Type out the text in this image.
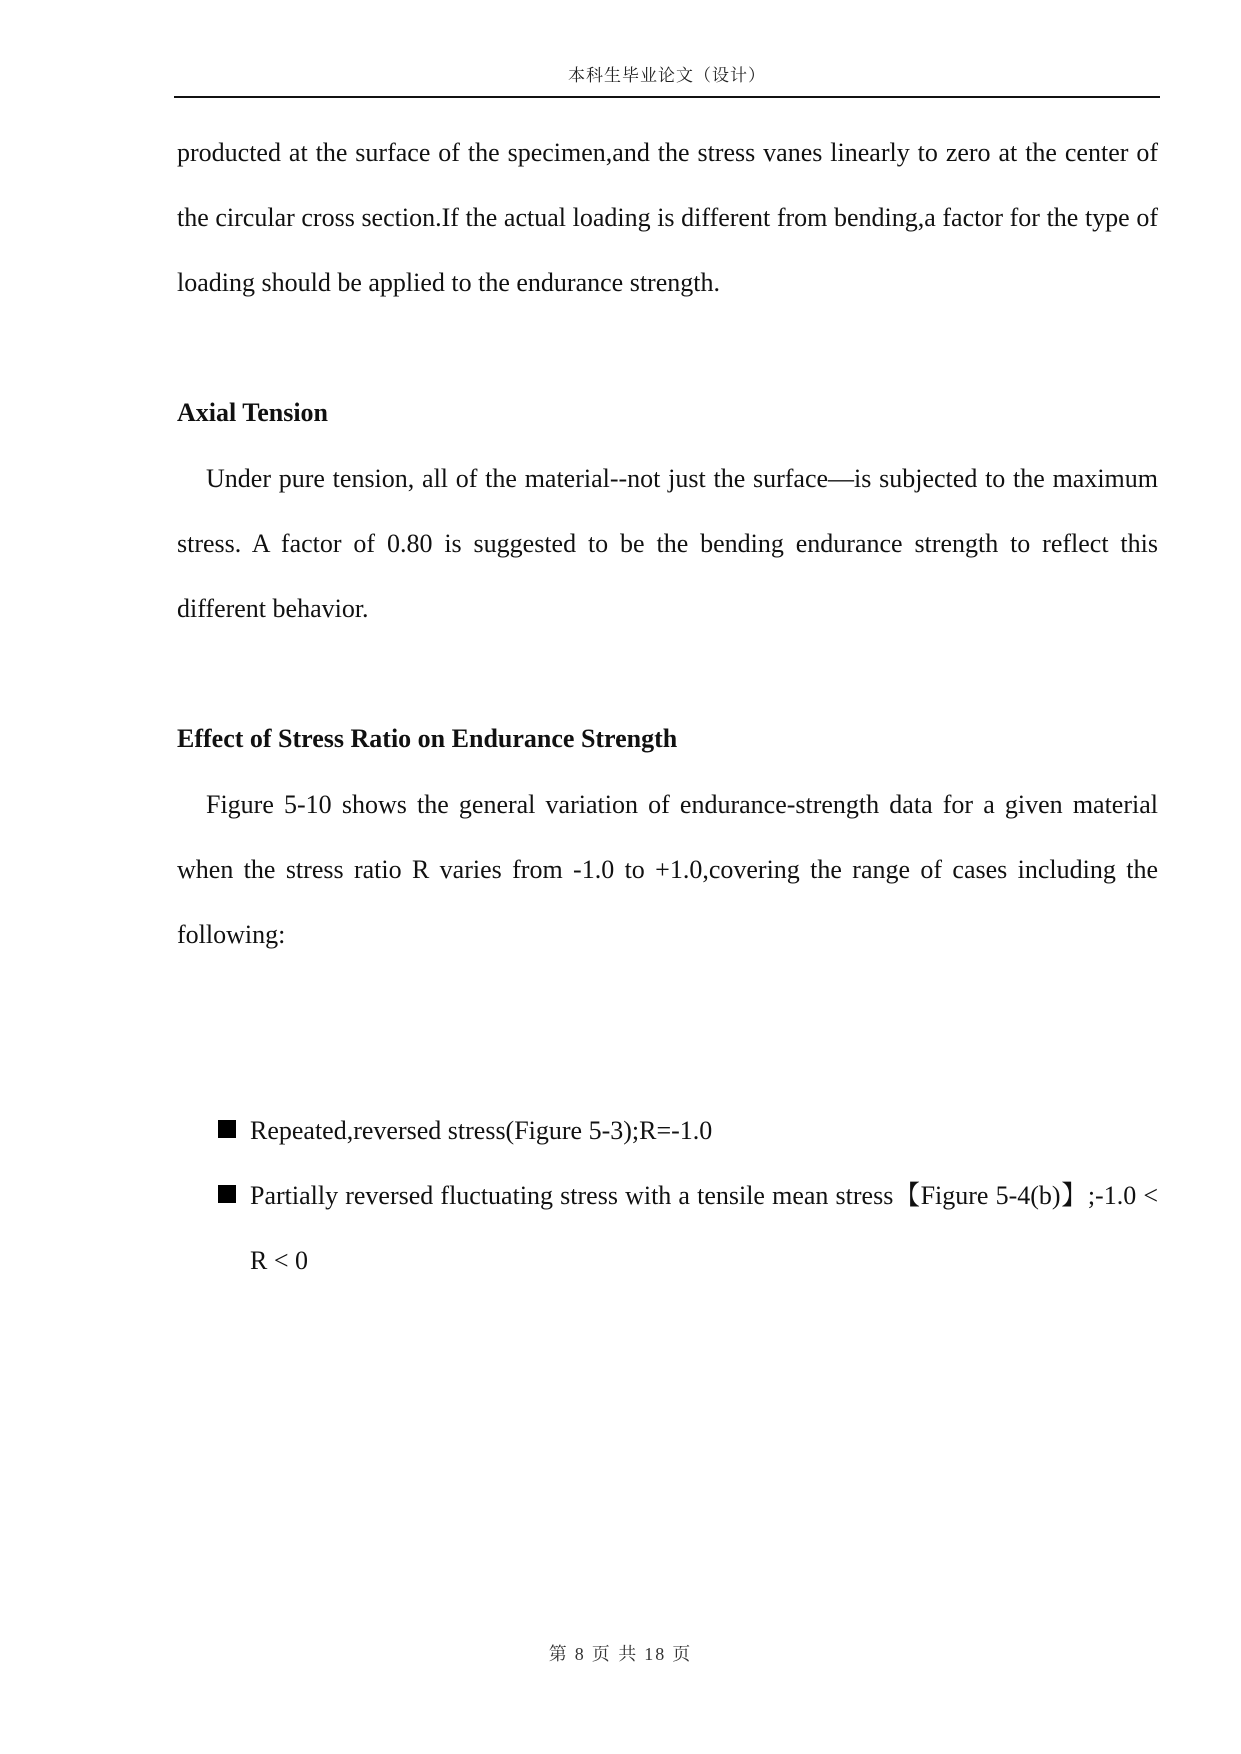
本科生毕业论文（设计）

producted at the surface of the specimen,and the stress vanes linearly to zero at the center of the circular cross section.If the actual loading is different from bending,a factor for the type of loading should be applied to the endurance strength.

Axial Tension

Under pure tension, all of the material--not just the surface—is subjected to the maximum stress. A factor of 0.80 is suggested to be the bending endurance strength to reflect this different behavior.

Effect of Stress Ratio on Endurance Strength

Figure 5-10 shows the general variation of endurance-strength data for a given material when the stress ratio R varies from -1.0 to +1.0,covering the range of cases including the following:

Repeated,reversed stress(Figure 5-3);R=-1.0
Partially reversed fluctuating stress with a tensile mean stress【Figure 5-4(b)】;-1.0 < R < 0
第 8 页 共 18 页
